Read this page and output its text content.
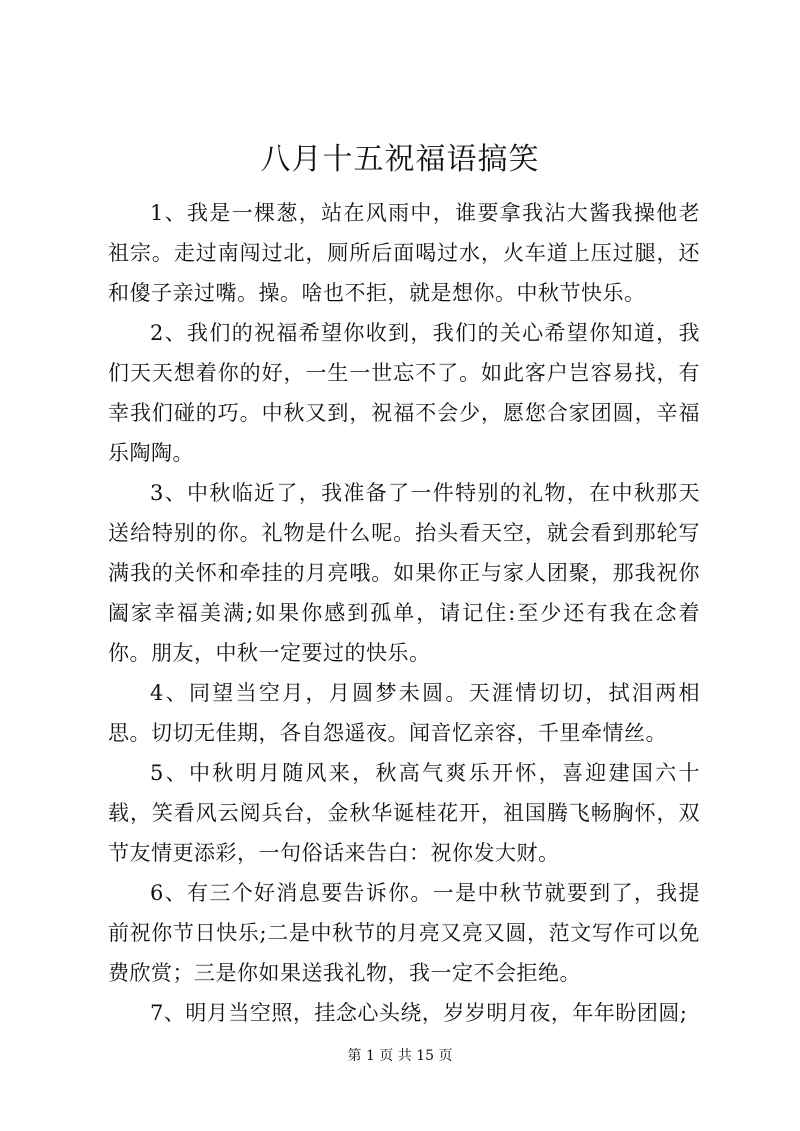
八月十五祝福语搞笑

1、我是一棵葱，站在风雨中，谁要拿我沾大酱我操他老祖宗。走过南闯过北，厕所后面喝过水，火车道上压过腿，还和傻子亲过嘴。操。啥也不拒，就是想你。中秋节快乐。

2、我们的祝福希望你收到，我们的关心希望你知道，我们天天想着你的好，一生一世忘不了。如此客户岂容易找，有幸我们碰的巧。中秋又到，祝福不会少，愿您合家团圆，辛福乐陶陶。

3、中秋临近了，我准备了一件特别的礼物，在中秋那天送给特别的你。礼物是什么呢。抬头看天空，就会看到那轮写满我的关怀和牵挂的月亮哦。如果你正与家人团聚，那我祝你阖家幸福美满;如果你感到孤单，请记住:至少还有我在念着你。朋友，中秋一定要过的快乐。

4、同望当空月，月圆梦未圆。天涯情切切，拭泪两相思。切切无佳期，各自怨遥夜。闻音忆亲容，千里牵情丝。

5、中秋明月随风来，秋高气爽乐开怀，喜迎建国六十载，笑看风云阅兵台，金秋华诞桂花开，祖国腾飞畅胸怀，双节友情更添彩，一句俗话来告白：祝你发大财。

6、有三个好消息要告诉你。一是中秋节就要到了，我提前祝你节日快乐;二是中秋节的月亮又亮又圆，范文写作可以免费欣赏；三是你如果送我礼物，我一定不会拒绝。

7、明月当空照，挂念心头绕，岁岁明月夜，年年盼团圆;

第 1 页 共 15 页
